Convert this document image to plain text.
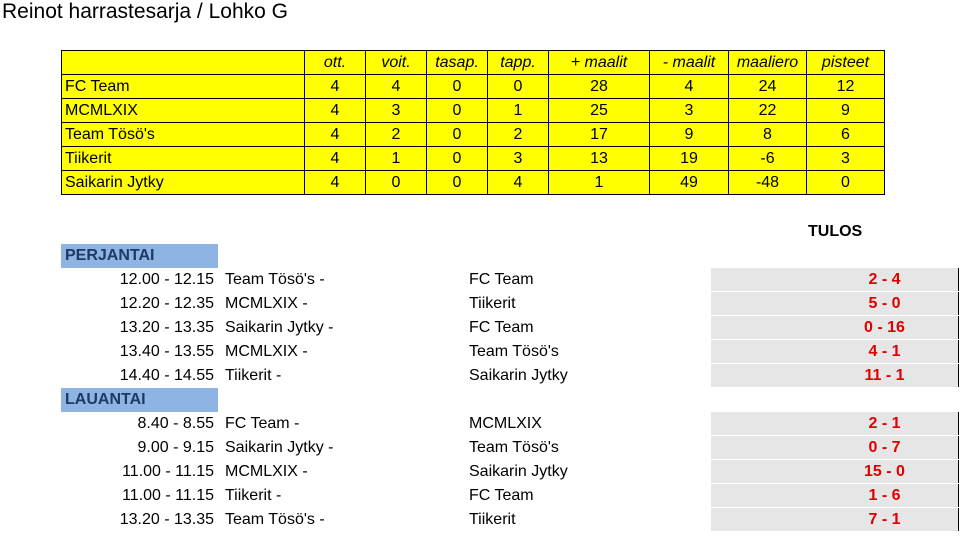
Reinot harrastesarja / Lohko G
	ott.	voit.	tasap.	tapp.	+ maalit	- maalit	maaliero	pisteet
FC Team	4	4	0	0	28	4	24	12
MCMLXIX	4	3	0	1	25	3	22	9
Team Tösö's	4	2	0	2	17	9	8	6
Tiikerit	4	1	0	3	13	19	-6	3
Saikarin Jytky	4	0	0	4	1	49	-48	0
TULOS
PERJANTAI
12.00 - 12.15 Team Tösö's -	FC Team	2 - 4
12.20 - 12.35 MCMLXIX -	Tiikerit	5 - 0
13.20 - 13.35 Saikarin Jytky -	FC Team	0 - 16
13.40 - 13.55 MCMLXIX -	Team Tösö's	4 - 1
14.40 - 14.55 Tiikerit -	Saikarin Jytky	11 - 1
LAUANTAI
8.40 - 8.55 FC Team -	MCMLXIX	2 - 1
9.00 - 9.15 Saikarin Jytky -	Team Tösö's	0 - 7
11.00 - 11.15 MCMLXIX -	Saikarin Jytky	15 - 0
11.00 - 11.15 Tiikerit -	FC Team	1 - 6
13.20 - 13.35 Team Tösö's -	Tiikerit	7 - 1
